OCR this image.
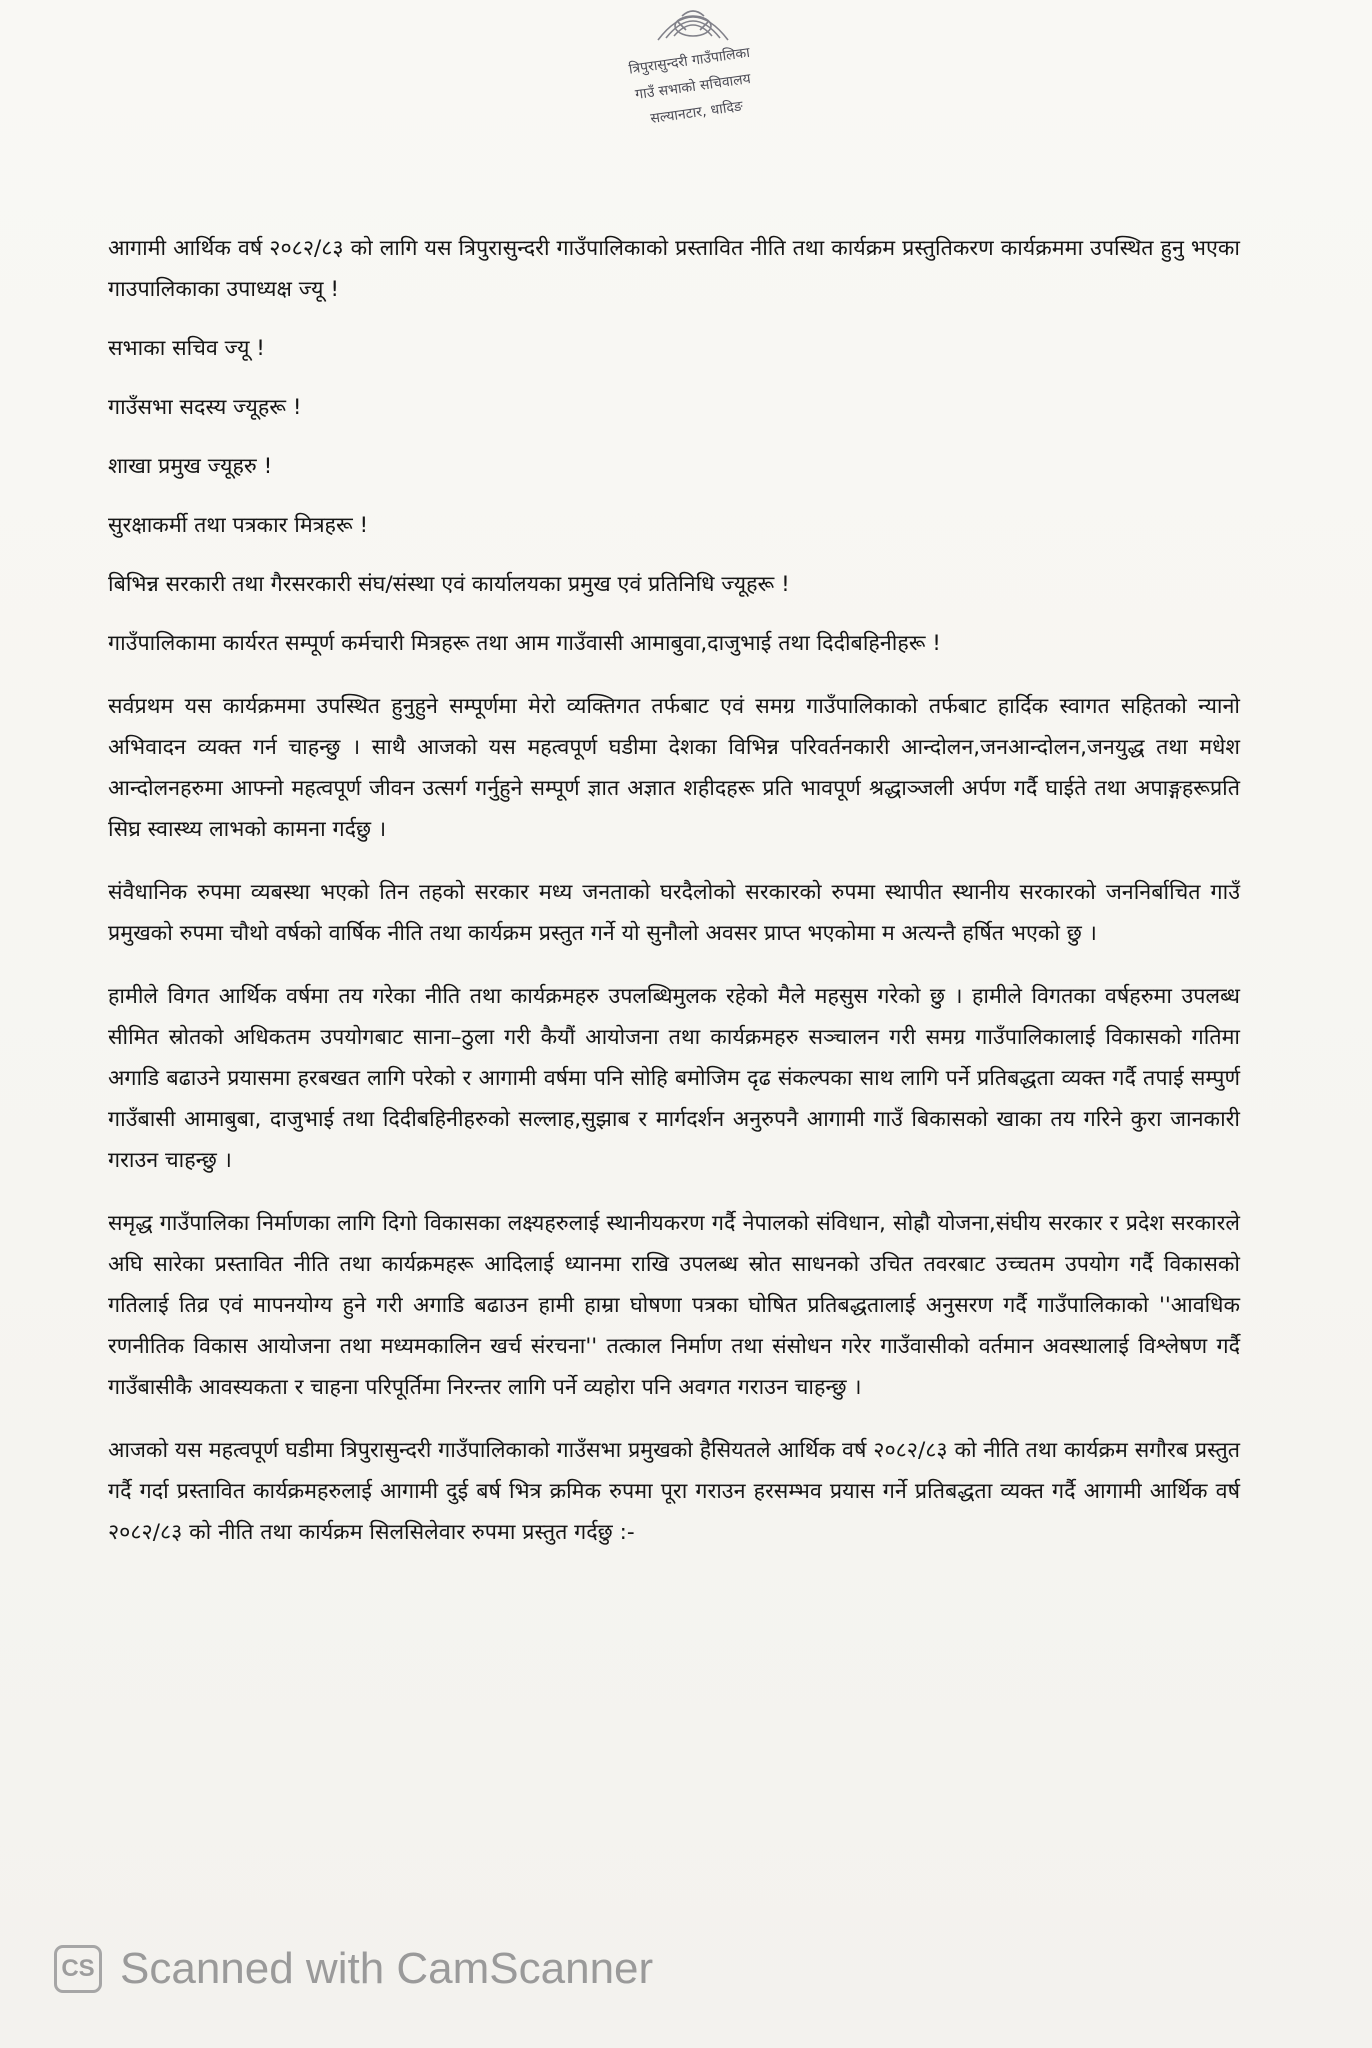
त्रिपुरासुन्दरी गाउँपालिका
गाउँ सभाको सचिवालय
सल्यानटार, धादिङ

आगामी आर्थिक वर्ष २०८२/८३ को लागि यस त्रिपुरासुन्दरी गाउँपालिकाको प्रस्तावित नीति तथा कार्यक्रम प्रस्तुतिकरण कार्यक्रममा उपस्थित हुनु भएका गाउपालिकाका उपाध्यक्ष ज्यू !

सभाका सचिव ज्यू !

गाउँसभा सदस्य ज्यूहरू !

शाखा प्रमुख ज्यूहरु !

सुरक्षाकर्मी तथा पत्रकार मित्रहरू !

बिभिन्न सरकारी तथा गैरसरकारी संघ/संस्था एवं कार्यालयका प्रमुख एवं प्रतिनिधि ज्यूहरू !

गाउँपालिकामा कार्यरत सम्पूर्ण कर्मचारी मित्रहरू तथा आम गाउँवासी आमाबुवा,दाजुभाई तथा दिदीबहिनीहरू !

सर्वप्रथम यस कार्यक्रममा उपस्थित हुनुहुने सम्पूर्णमा मेरो व्यक्तिगत तर्फबाट एवं समग्र गाउँपालिकाको तर्फबाट हार्दिक स्वागत सहितको न्यानो अभिवादन व्यक्त गर्न चाहन्छु । साथै आजको यस महत्वपूर्ण घडीमा देशका विभिन्न परिवर्तनकारी आन्दोलन,जनआन्दोलन,जनयुद्ध तथा मधेश आन्दोलनहरुमा आफ्नो महत्वपूर्ण जीवन उत्सर्ग गर्नुहुने सम्पूर्ण ज्ञात अज्ञात शहीदहरू प्रति भावपूर्ण श्रद्धाञ्जली अर्पण गर्दै घाईते तथा अपाङ्गहरूप्रति सिघ्र स्वास्थ्य लाभको कामना गर्दछु ।

संवैधानिक रुपमा व्यबस्था भएको तिन तहको सरकार मध्य जनताको घरदैलोको सरकारको रुपमा स्थापीत स्थानीय सरकारको जननिर्बाचित गाउँ प्रमुखको रुपमा चौथो वर्षको वार्षिक नीति तथा कार्यक्रम प्रस्तुत गर्ने यो सुनौलो अवसर प्राप्त भएकोमा म अत्यन्तै हर्षित भएको छु ।

हामीले विगत आर्थिक वर्षमा तय गरेका नीति तथा कार्यक्रमहरु उपलब्धिमुलक रहेको मैले महसुस गरेको छु । हामीले विगतका वर्षहरुमा उपलब्ध सीमित स्रोतको अधिकतम उपयोगबाट साना–ठुला गरी कैयौं आयोजना तथा कार्यक्रमहरु सञ्चालन गरी समग्र गाउँपालिकालाई विकासको गतिमा अगाडि बढाउने प्रयासमा हरबखत लागि परेको र आगामी वर्षमा पनि सोहि बमोजिम दृढ संकल्पका साथ लागि पर्ने प्रतिबद्धता व्यक्त गर्दै तपाई सम्पुर्ण गाउँबासी आमाबुबा, दाजुभाई तथा दिदीबहिनीहरुको सल्लाह,सुझाब र मार्गदर्शन अनुरुपनै आगामी गाउँ बिकासको खाका तय गरिने कुरा जानकारी गराउन चाहन्छु ।

समृद्ध गाउँपालिका निर्माणका लागि दिगो विकासका लक्ष्यहरुलाई स्थानीयकरण गर्दै नेपालको संविधान, सोह्रौ योजना,संघीय सरकार र प्रदेश सरकारले अघि सारेका प्रस्तावित नीति तथा कार्यक्रमहरू आदिलाई ध्यानमा राखि उपलब्ध स्रोत साधनको उचित तवरबाट उच्चतम उपयोग गर्दै विकासको गतिलाई तिव्र एवं मापनयोग्य हुने गरी अगाडि बढाउन हामी हाम्रा घोषणा पत्रका घोषित प्रतिबद्धतालाई अनुसरण गर्दै गाउँपालिकाको ''आवधिक रणनीतिक विकास आयोजना तथा मध्यमकालिन खर्च संरचना'' तत्काल निर्माण तथा संसोधन गरेर गाउँवासीको वर्तमान अवस्थालाई विश्लेषण गर्दै गाउँबासीकै आवस्यकता र चाहना परिपूर्तिमा निरन्तर लागि पर्ने व्यहोरा पनि अवगत गराउन चाहन्छु ।

आजको यस महत्वपूर्ण घडीमा त्रिपुरासुन्दरी गाउँपालिकाको गाउँसभा प्रमुखको हैसियतले आर्थिक वर्ष २०८२/८३ को नीति तथा कार्यक्रम सगौरब प्रस्तुत गर्दै गर्दा प्रस्तावित कार्यक्रमहरुलाई आगामी दुई बर्ष भित्र क्रमिक रुपमा पूरा गराउन हरसम्भव प्रयास गर्ने प्रतिबद्धता व्यक्त गर्दै आगामी आर्थिक वर्ष २०८२/८३ को नीति तथा कार्यक्रम सिलसिलेवार रुपमा प्रस्तुत गर्दछु :-

CS Scanned with CamScanner
